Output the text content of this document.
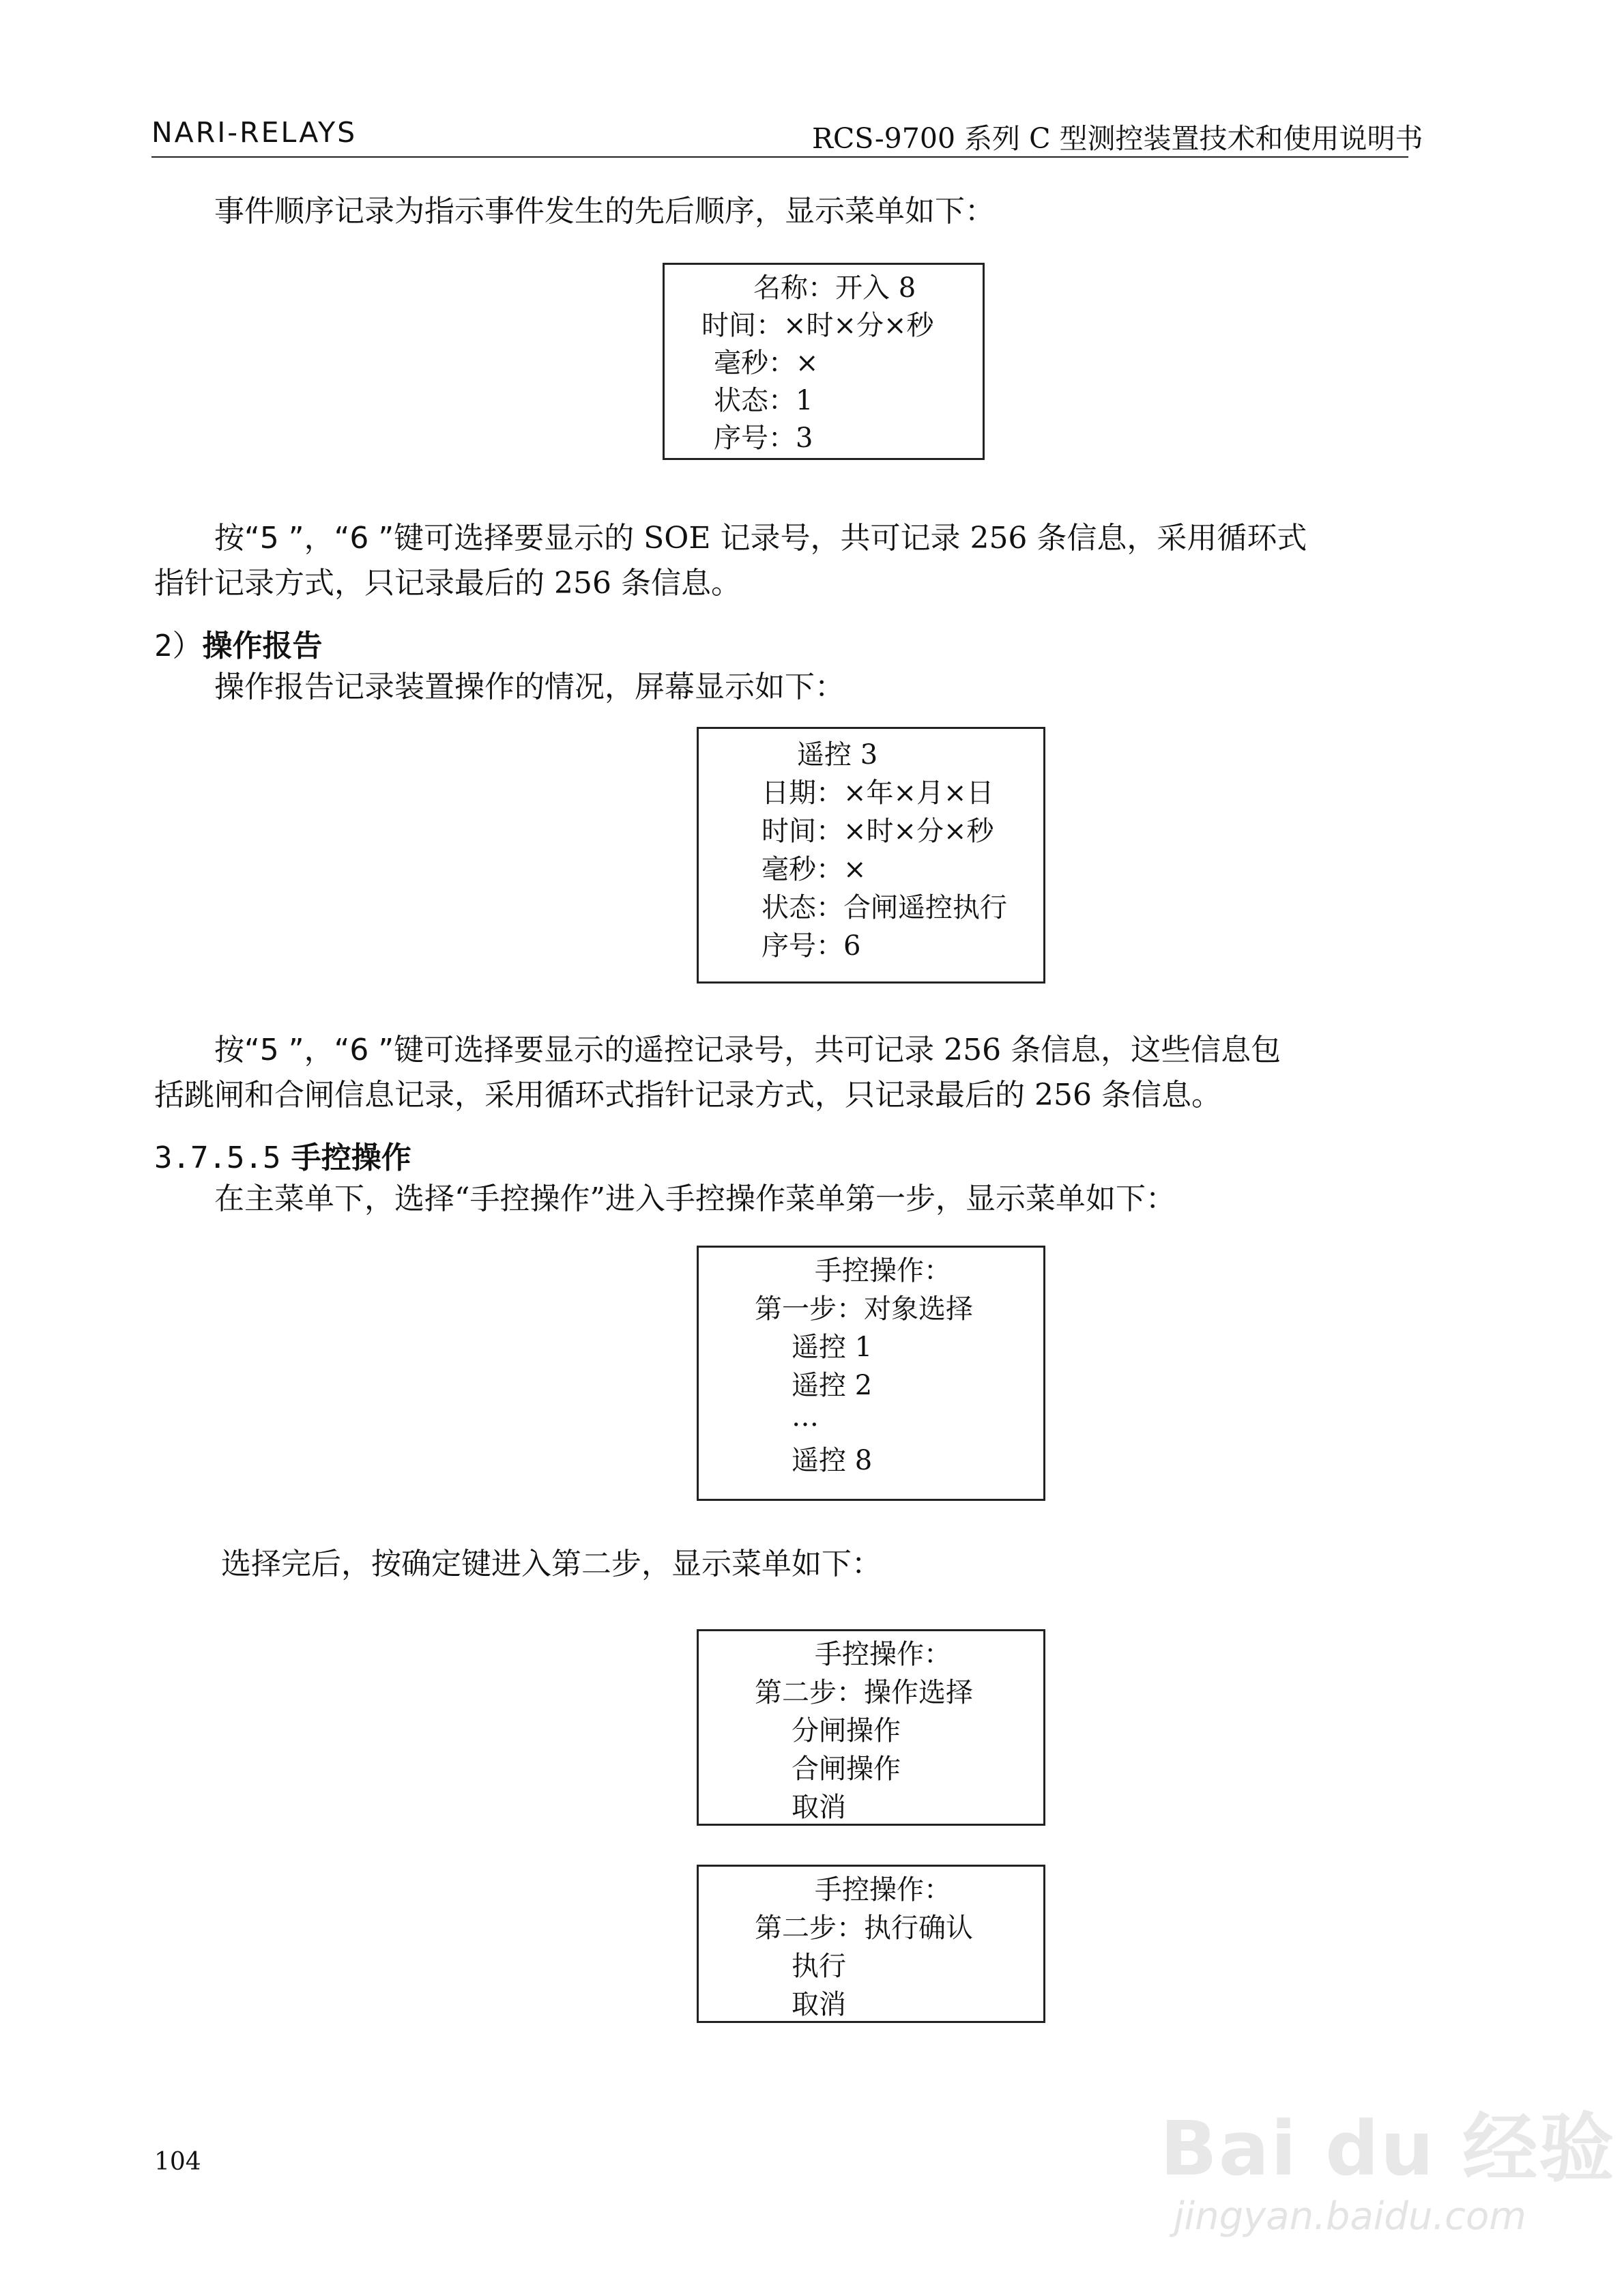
NARI-RELAYS	RCS-9700 系列 C 型测控装置技术和使用说明书
事件顺序记录为指示事件发生的先后顺序，显示菜单如下：
名称：开入 8
时间：×时×分×秒
毫秒：×
状态：1
序号：3
按“5 ”，“6 ”键可选择要显示的 SOE 记录号，共可记录 256 条信息，采用循环式
指针记录方式，只记录最后的 256 条信息。
2）操作报告
操作报告记录装置操作的情况，屏幕显示如下：
遥控 3
日期：×年×月×日
时间：×时×分×秒
毫秒：×
状态：合闸遥控执行
序号：6
按“5 ”，“6 ”键可选择要显示的遥控记录号，共可记录 256 条信息，这些信息包
括跳闸和合闸信息记录，采用循环式指针记录方式，只记录最后的 256 条信息。
3.7.5.5 手控操作
在主菜单下，选择“手控操作”进入手控操作菜单第一步，显示菜单如下：
手控操作：
第一步：对象选择
遥控 1
遥控 2
…
遥控 8
选择完后，按确定键进入第二步，显示菜单如下：
手控操作：
第二步：操作选择
分闸操作
合闸操作
取消
手控操作：
第二步：执行确认
执行
取消
104	Bai du 经验
jingyan.baidu.com
